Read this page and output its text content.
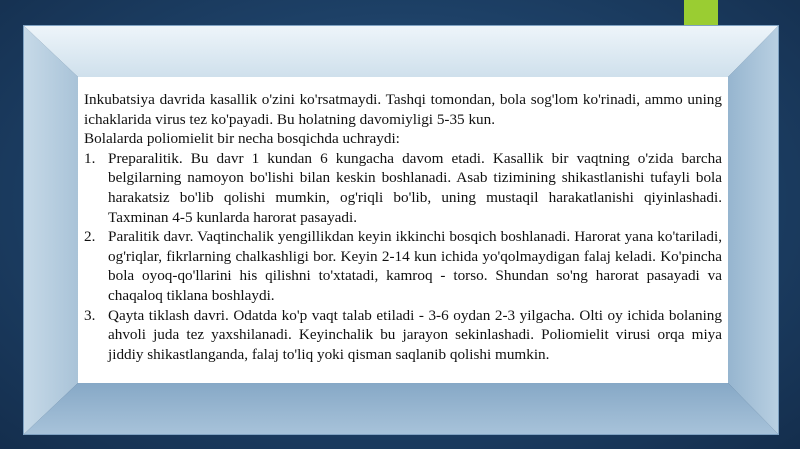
Inkubatsiya davrida kasallik o'zini ko'rsatmaydi. Tashqi tomondan, bola sog'lom ko'rinadi, ammo uning ichaklarida virus tez ko'payadi. Bu holatning davomiyligi 5-35 kun.

Bolalarda poliomielit bir necha bosqichda uchraydi:

1. Preparalitik. Bu davr 1 kundan 6 kungacha davom etadi. Kasallik bir vaqtning o'zida barcha belgilarning namoyon bo'lishi bilan keskin boshlanadi. Asab tizimining shikastlanishi tufayli bola harakatsiz bo'lib qolishi mumkin, og'riqli bo'lib, uning mustaqil harakatlanishi qiyinlashadi. Taxminan 4-5 kunlarda harorat pasayadi.
2. Paralitik davr. Vaqtinchalik yengillikdan keyin ikkinchi bosqich boshlanadi. Harorat yana ko'tariladi, og'riqlar, fikrlarning chalkashligi bor. Keyin 2-14 kun ichida yo'qolmaydigan falaj keladi. Ko'pincha bola oyoq-qo'llarini his qilishni to'xtatadi, kamroq - torso. Shundan so'ng harorat pasayadi va chaqaloq tiklana boshlaydi.
3. Qayta tiklash davri. Odatda ko'p vaqt talab etiladi - 3-6 oydan 2-3 yilgacha. Olti oy ichida bolaning ahvoli juda tez yaxshilanadi. Keyinchalik bu jarayon sekinlashadi. Poliomielit virusi orqa miya jiddiy shikastlanganda, falaj to'liq yoki qisman saqlanib qolishi mumkin.
